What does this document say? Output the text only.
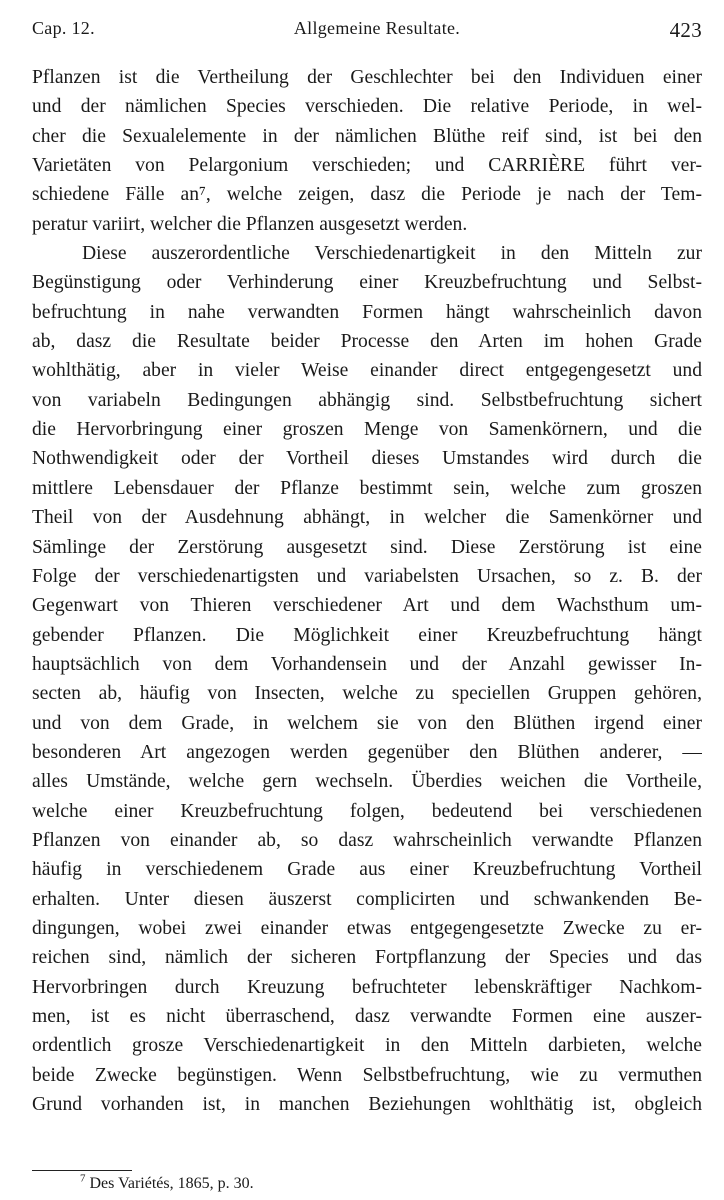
Cap. 12.	Allgemeine Resultate.	423
Pflanzen ist die Vertheilung der Geschlechter bei den Individuen einer
und der nämlichen Species verschieden. Die relative Periode, in wel-
cher die Sexualelemente in der nämlichen Blüthe reif sind, ist bei den
Varietäten von Pelargonium verschieden; und CARRIÈRE führt ver-
schiedene Fälle an⁷, welche zeigen, dasz die Periode je nach der Tem-
peratur variirt, welcher die Pflanzen ausgesetzt werden.
Diese auszerordentliche Verschiedenartigkeit in den Mitteln zur
Begünstigung oder Verhinderung einer Kreuzbefruchtung und Selbst-
befruchtung in nahe verwandten Formen hängt wahrscheinlich davon
ab, dasz die Resultate beider Processe den Arten im hohen Grade
wohlthätig, aber in vieler Weise einander direct entgegengesetzt und
von variabeln Bedingungen abhängig sind. Selbstbefruchtung sichert
die Hervorbringung einer groszen Menge von Samenkörnern, und die
Nothwendigkeit oder der Vortheil dieses Umstandes wird durch die
mittlere Lebensdauer der Pflanze bestimmt sein, welche zum groszen
Theil von der Ausdehnung abhängt, in welcher die Samenkörner und
Sämlinge der Zerstörung ausgesetzt sind. Diese Zerstörung ist eine
Folge der verschiedenartigsten und variabelsten Ursachen, so z. B. der
Gegenwart von Thieren verschiedener Art und dem Wachsthum um-
gebender Pflanzen. Die Möglichkeit einer Kreuzbefruchtung hängt
hauptsächlich von dem Vorhandensein und der Anzahl gewisser In-
secten ab, häufig von Insecten, welche zu speciellen Gruppen gehören,
und von dem Grade, in welchem sie von den Blüthen irgend einer
besonderen Art angezogen werden gegenüber den Blüthen anderer, —
alles Umstände, welche gern wechseln. Überdies weichen die Vortheile,
welche einer Kreuzbefruchtung folgen, bedeutend bei verschiedenen
Pflanzen von einander ab, so dasz wahrscheinlich verwandte Pflanzen
häufig in verschiedenem Grade aus einer Kreuzbefruchtung Vortheil
erhalten. Unter diesen äuszerst complicirten und schwankenden Be-
dingungen, wobei zwei einander etwas entgegengesetzte Zwecke zu er-
reichen sind, nämlich der sicheren Fortpflanzung der Species und das
Hervorbringen durch Kreuzung befruchteter lebenskräftiger Nachkom-
men, ist es nicht überraschend, dasz verwandte Formen eine auszer-
ordentlich grosze Verschiedenartigkeit in den Mitteln darbieten, welche
beide Zwecke begünstigen. Wenn Selbstbefruchtung, wie zu vermuthen
Grund vorhanden ist, in manchen Beziehungen wohlthätig ist, obgleich
$^7$ Des Variétés, 1865, p. 30.
